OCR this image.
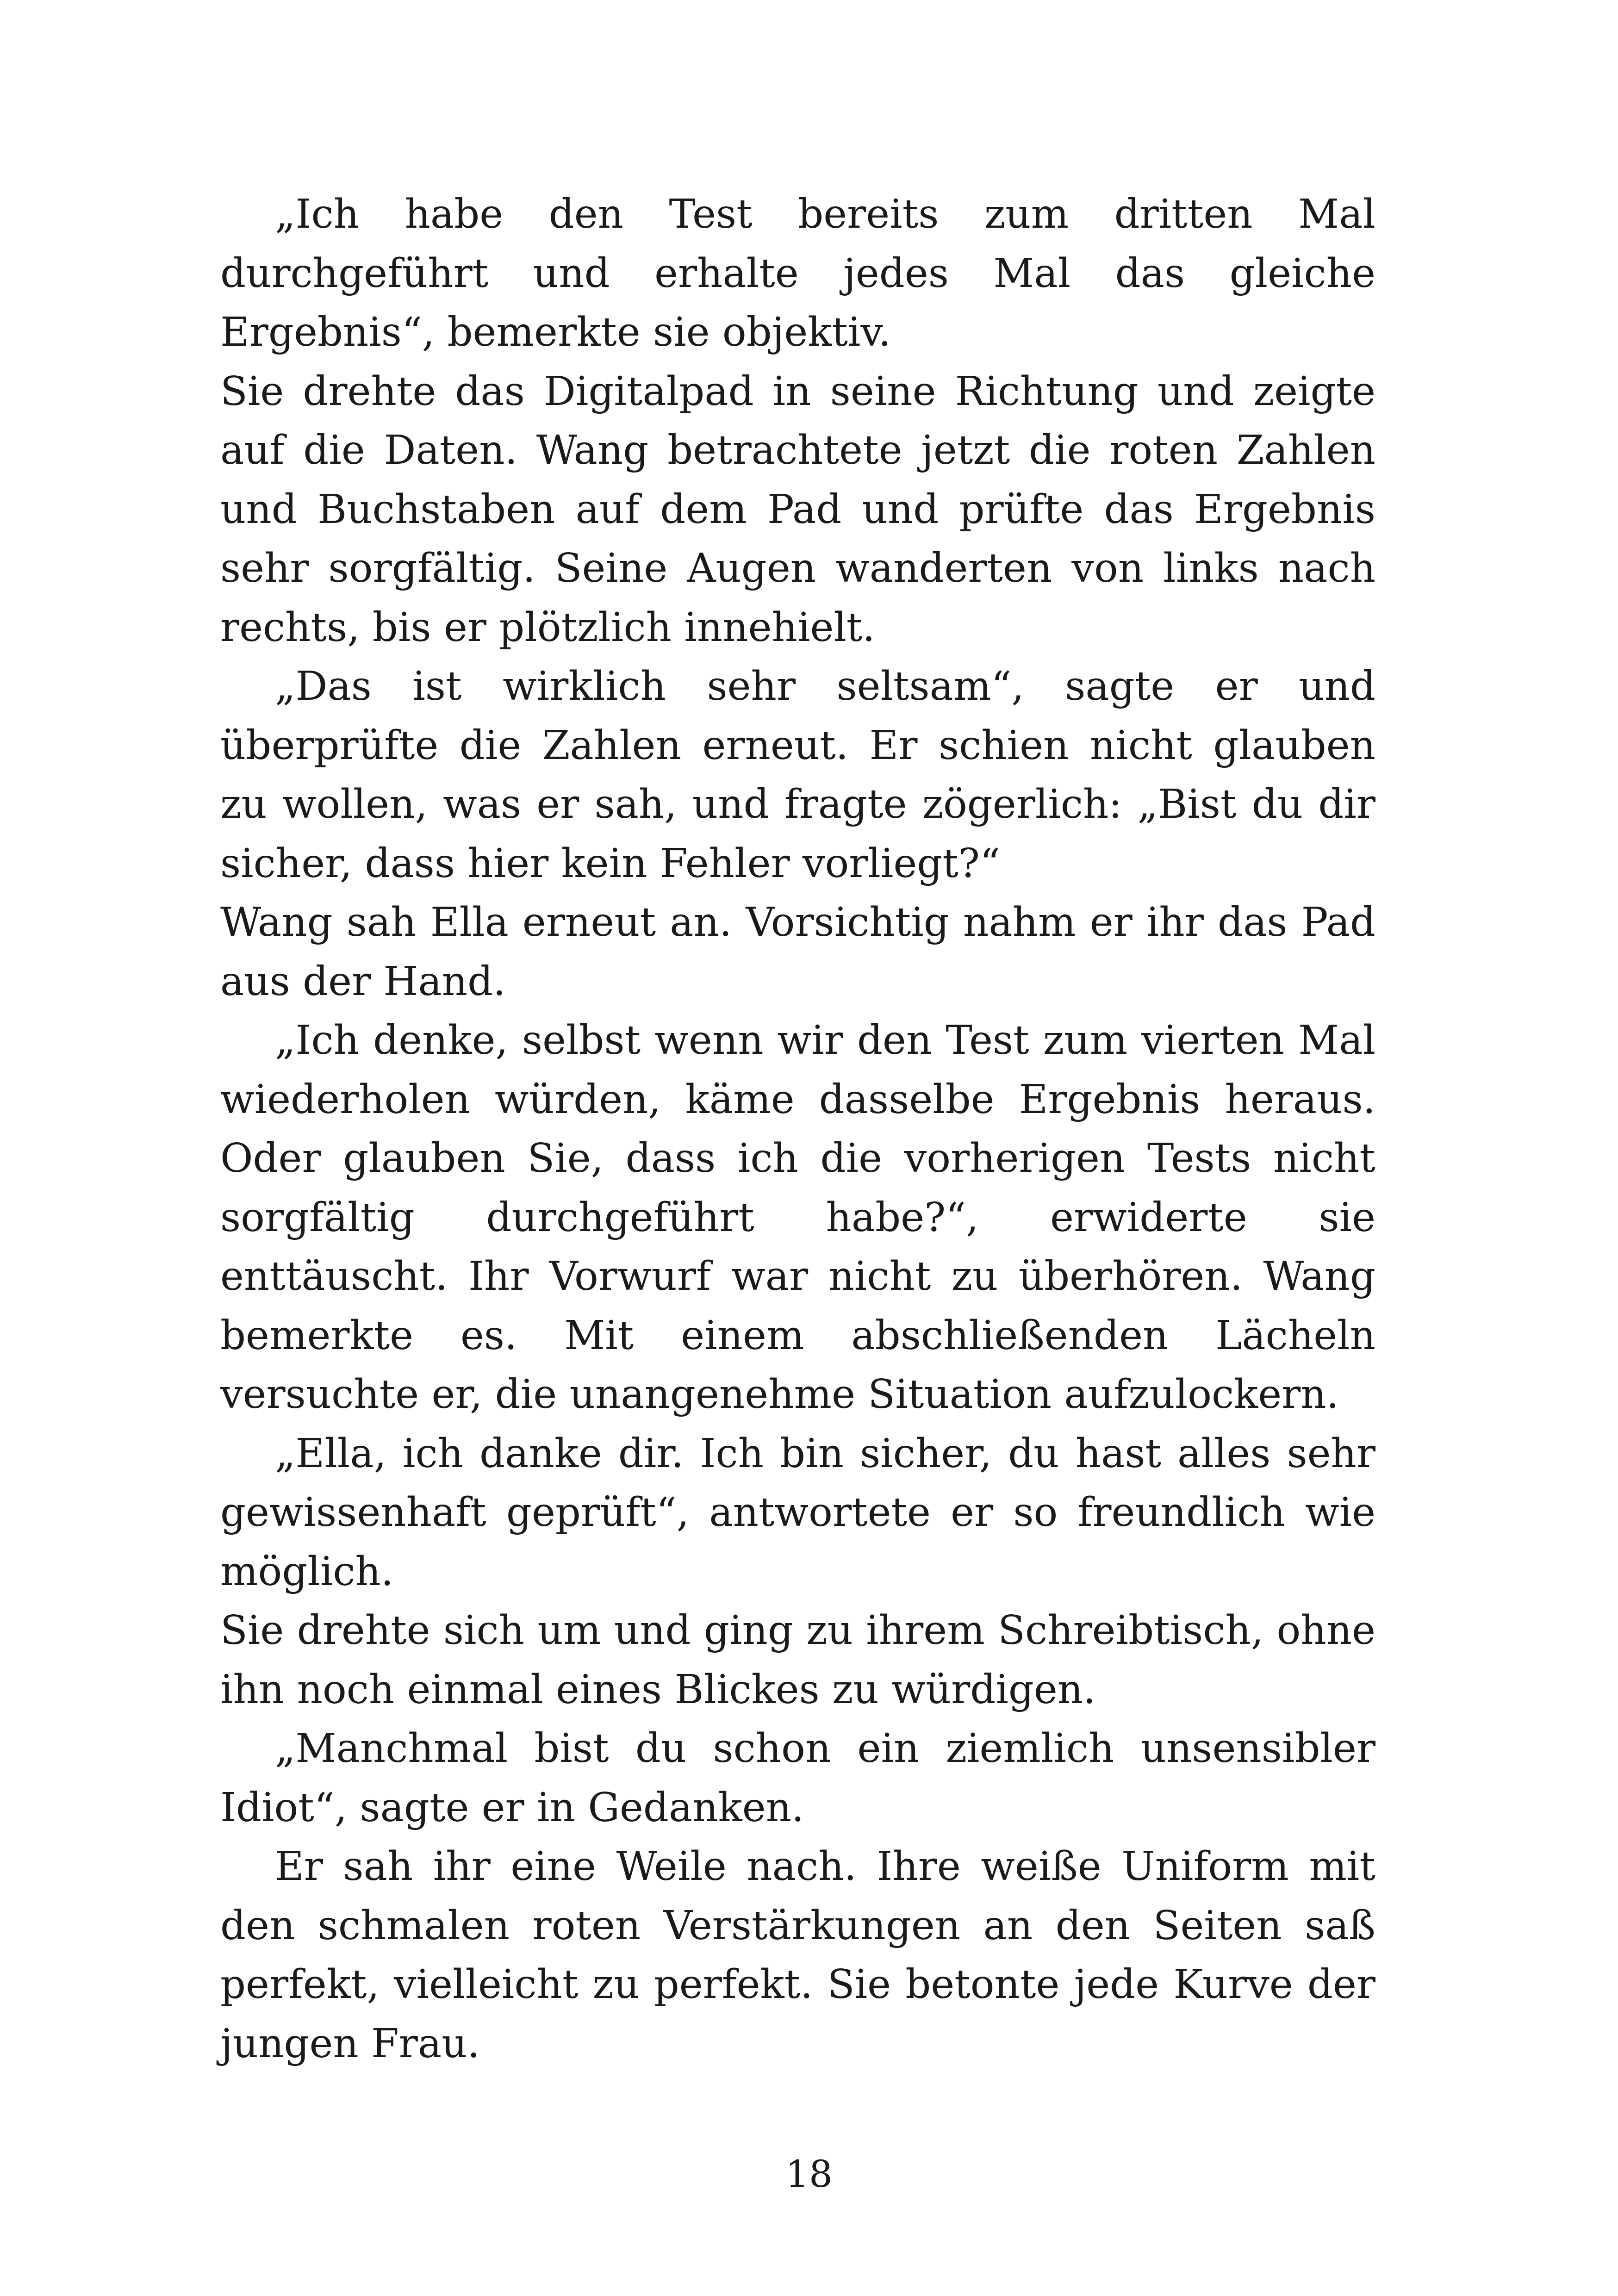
„Ich habe den Test bereits zum dritten Mal durchgeführt und erhalte jedes Mal das gleiche Ergebnis“, bemerkte sie objektiv.

Sie drehte das Digitalpad in seine Richtung und zeigte auf die Daten. Wang betrachtete jetzt die roten Zahlen und Buchstaben auf dem Pad und prüfte das Ergebnis sehr sorgfältig. Seine Augen wanderten von links nach rechts, bis er plötzlich innehielt.

„Das ist wirklich sehr seltsam“, sagte er und überprüfte die Zahlen erneut. Er schien nicht glauben zu wollen, was er sah, und fragte zögerlich: „Bist du dir sicher, dass hier kein Fehler vorliegt?“

Wang sah Ella erneut an. Vorsichtig nahm er ihr das Pad aus der Hand.

„Ich denke, selbst wenn wir den Test zum vierten Mal wiederholen würden, käme dasselbe Ergebnis heraus. Oder glauben Sie, dass ich die vorherigen Tests nicht sorgfältig durchgeführt habe?“, erwiderte sie enttäuscht. Ihr Vorwurf war nicht zu überhören. Wang bemerkte es. Mit einem abschließenden Lächeln versuchte er, die unangenehme Situation aufzulockern.

„Ella, ich danke dir. Ich bin sicher, du hast alles sehr gewissenhaft geprüft“, antwortete er so freundlich wie möglich.

Sie drehte sich um und ging zu ihrem Schreibtisch, ohne ihn noch einmal eines Blickes zu würdigen.

„Manchmal bist du schon ein ziemlich unsensibler Idiot“, sagte er in Gedanken.

Er sah ihr eine Weile nach. Ihre weiße Uniform mit den schmalen roten Verstärkungen an den Seiten saß perfekt, vielleicht zu perfekt. Sie betonte jede Kurve der jungen Frau.

18
